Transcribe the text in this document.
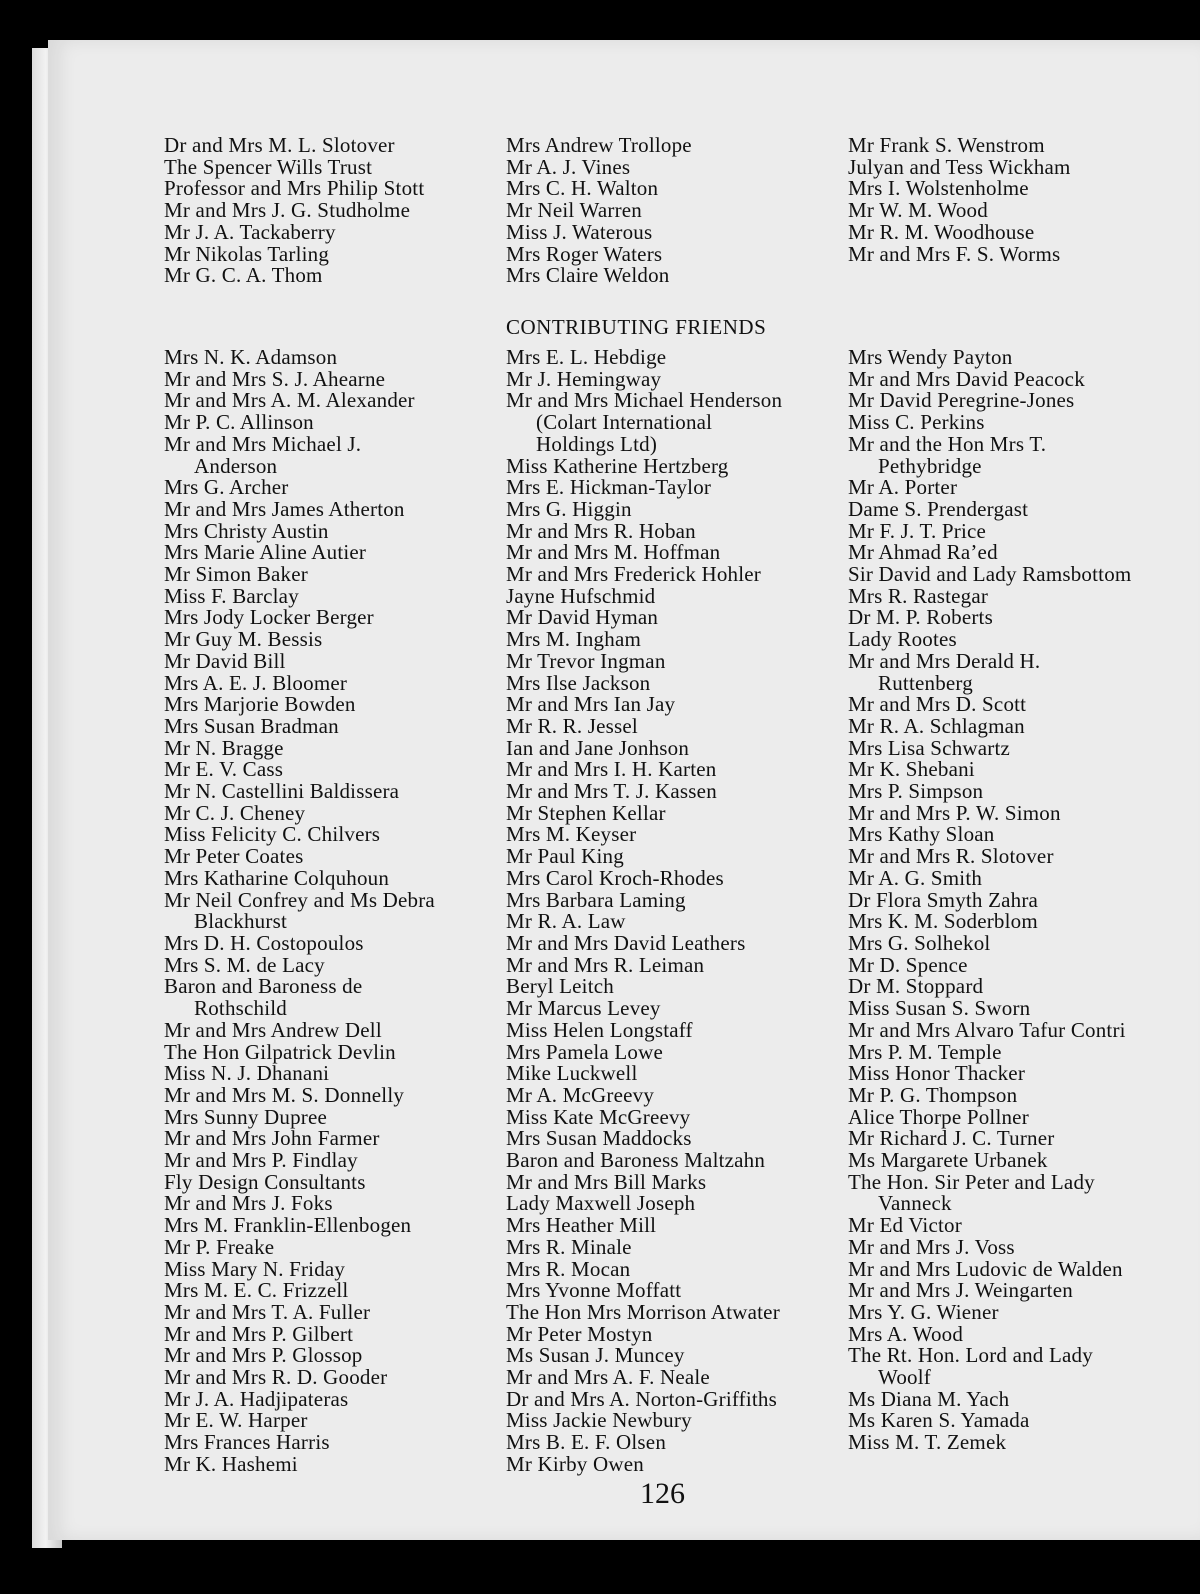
Dr and Mrs M. L. Slotover
The Spencer Wills Trust
Professor and Mrs Philip Stott
Mr and Mrs J. G. Studholme
Mr J. A. Tackaberry
Mr Nikolas Tarling
Mr G. C. A. Thom
Mrs Andrew Trollope
Mr A. J. Vines
Mrs C. H. Walton
Mr Neil Warren
Miss J. Waterous
Mrs Roger Waters
Mrs Claire Weldon
Mr Frank S. Wenstrom
Julyan and Tess Wickham
Mrs I. Wolstenholme
Mr W. M. Wood
Mr R. M. Woodhouse
Mr and Mrs F. S. Worms
CONTRIBUTING FRIENDS
Mrs N. K. Adamson
Mr and Mrs S. J. Ahearne
Mr and Mrs A. M. Alexander
Mr P. C. Allinson
Mr and Mrs Michael J.
Anderson
Mrs G. Archer
Mr and Mrs James Atherton
Mrs Christy Austin
Mrs Marie Aline Autier
Mr Simon Baker
Miss F. Barclay
Mrs Jody Locker Berger
Mr Guy M. Bessis
Mr David Bill
Mrs A. E. J. Bloomer
Mrs Marjorie Bowden
Mrs Susan Bradman
Mr N. Bragge
Mr E. V. Cass
Mr N. Castellini Baldissera
Mr C. J. Cheney
Miss Felicity C. Chilvers
Mr Peter Coates
Mrs Katharine Colquhoun
Mr Neil Confrey and Ms Debra
Blackhurst
Mrs D. H. Costopoulos
Mrs S. M. de Lacy
Baron and Baroness de
Rothschild
Mr and Mrs Andrew Dell
The Hon Gilpatrick Devlin
Miss N. J. Dhanani
Mr and Mrs M. S. Donnelly
Mrs Sunny Dupree
Mr and Mrs John Farmer
Mr and Mrs P. Findlay
Fly Design Consultants
Mr and Mrs J. Foks
Mrs M. Franklin-Ellenbogen
Mr P. Freake
Miss Mary N. Friday
Mrs M. E. C. Frizzell
Mr and Mrs T. A. Fuller
Mr and Mrs P. Gilbert
Mr and Mrs P. Glossop
Mr and Mrs R. D. Gooder
Mr J. A. Hadjipateras
Mr E. W. Harper
Mrs Frances Harris
Mr K. Hashemi
Mrs E. L. Hebdige
Mr J. Hemingway
Mr and Mrs Michael Henderson
(Colart International
Holdings Ltd)
Miss Katherine Hertzberg
Mrs E. Hickman-Taylor
Mrs G. Higgin
Mr and Mrs R. Hoban
Mr and Mrs M. Hoffman
Mr and Mrs Frederick Hohler
Jayne Hufschmid
Mr David Hyman
Mrs M. Ingham
Mr Trevor Ingman
Mrs Ilse Jackson
Mr and Mrs Ian Jay
Mr R. R. Jessel
Ian and Jane Jonhson
Mr and Mrs I. H. Karten
Mr and Mrs T. J. Kassen
Mr Stephen Kellar
Mrs M. Keyser
Mr Paul King
Mrs Carol Kroch-Rhodes
Mrs Barbara Laming
Mr R. A. Law
Mr and Mrs David Leathers
Mr and Mrs R. Leiman
Beryl Leitch
Mr Marcus Levey
Miss Helen Longstaff
Mrs Pamela Lowe
Mike Luckwell
Mr A. McGreevy
Miss Kate McGreevy
Mrs Susan Maddocks
Baron and Baroness Maltzahn
Mr and Mrs Bill Marks
Lady Maxwell Joseph
Mrs Heather Mill
Mrs R. Minale
Mrs R. Mocan
Mrs Yvonne Moffatt
The Hon Mrs Morrison Atwater
Mr Peter Mostyn
Ms Susan J. Muncey
Mr and Mrs A. F. Neale
Dr and Mrs A. Norton-Griffiths
Miss Jackie Newbury
Mrs B. E. F. Olsen
Mr Kirby Owen
Mrs Wendy Payton
Mr and Mrs David Peacock
Mr David Peregrine-Jones
Miss C. Perkins
Mr and the Hon Mrs T.
Pethybridge
Mr A. Porter
Dame S. Prendergast
Mr F. J. T. Price
Mr Ahmad Ra’ed
Sir David and Lady Ramsbottom
Mrs R. Rastegar
Dr M. P. Roberts
Lady Rootes
Mr and Mrs Derald H.
Ruttenberg
Mr and Mrs D. Scott
Mr R. A. Schlagman
Mrs Lisa Schwartz
Mr K. Shebani
Mrs P. Simpson
Mr and Mrs P. W. Simon
Mrs Kathy Sloan
Mr and Mrs R. Slotover
Mr A. G. Smith
Dr Flora Smyth Zahra
Mrs K. M. Soderblom
Mrs G. Solhekol
Mr D. Spence
Dr M. Stoppard
Miss Susan S. Sworn
Mr and Mrs Alvaro Tafur Contri
Mrs P. M. Temple
Miss Honor Thacker
Mr P. G. Thompson
Alice Thorpe Pollner
Mr Richard J. C. Turner
Ms Margarete Urbanek
The Hon. Sir Peter and Lady
Vanneck
Mr Ed Victor
Mr and Mrs J. Voss
Mr and Mrs Ludovic de Walden
Mr and Mrs J. Weingarten
Mrs Y. G. Wiener
Mrs A. Wood
The Rt. Hon. Lord and Lady
Woolf
Ms Diana M. Yach
Ms Karen S. Yamada
Miss M. T. Zemek
126
